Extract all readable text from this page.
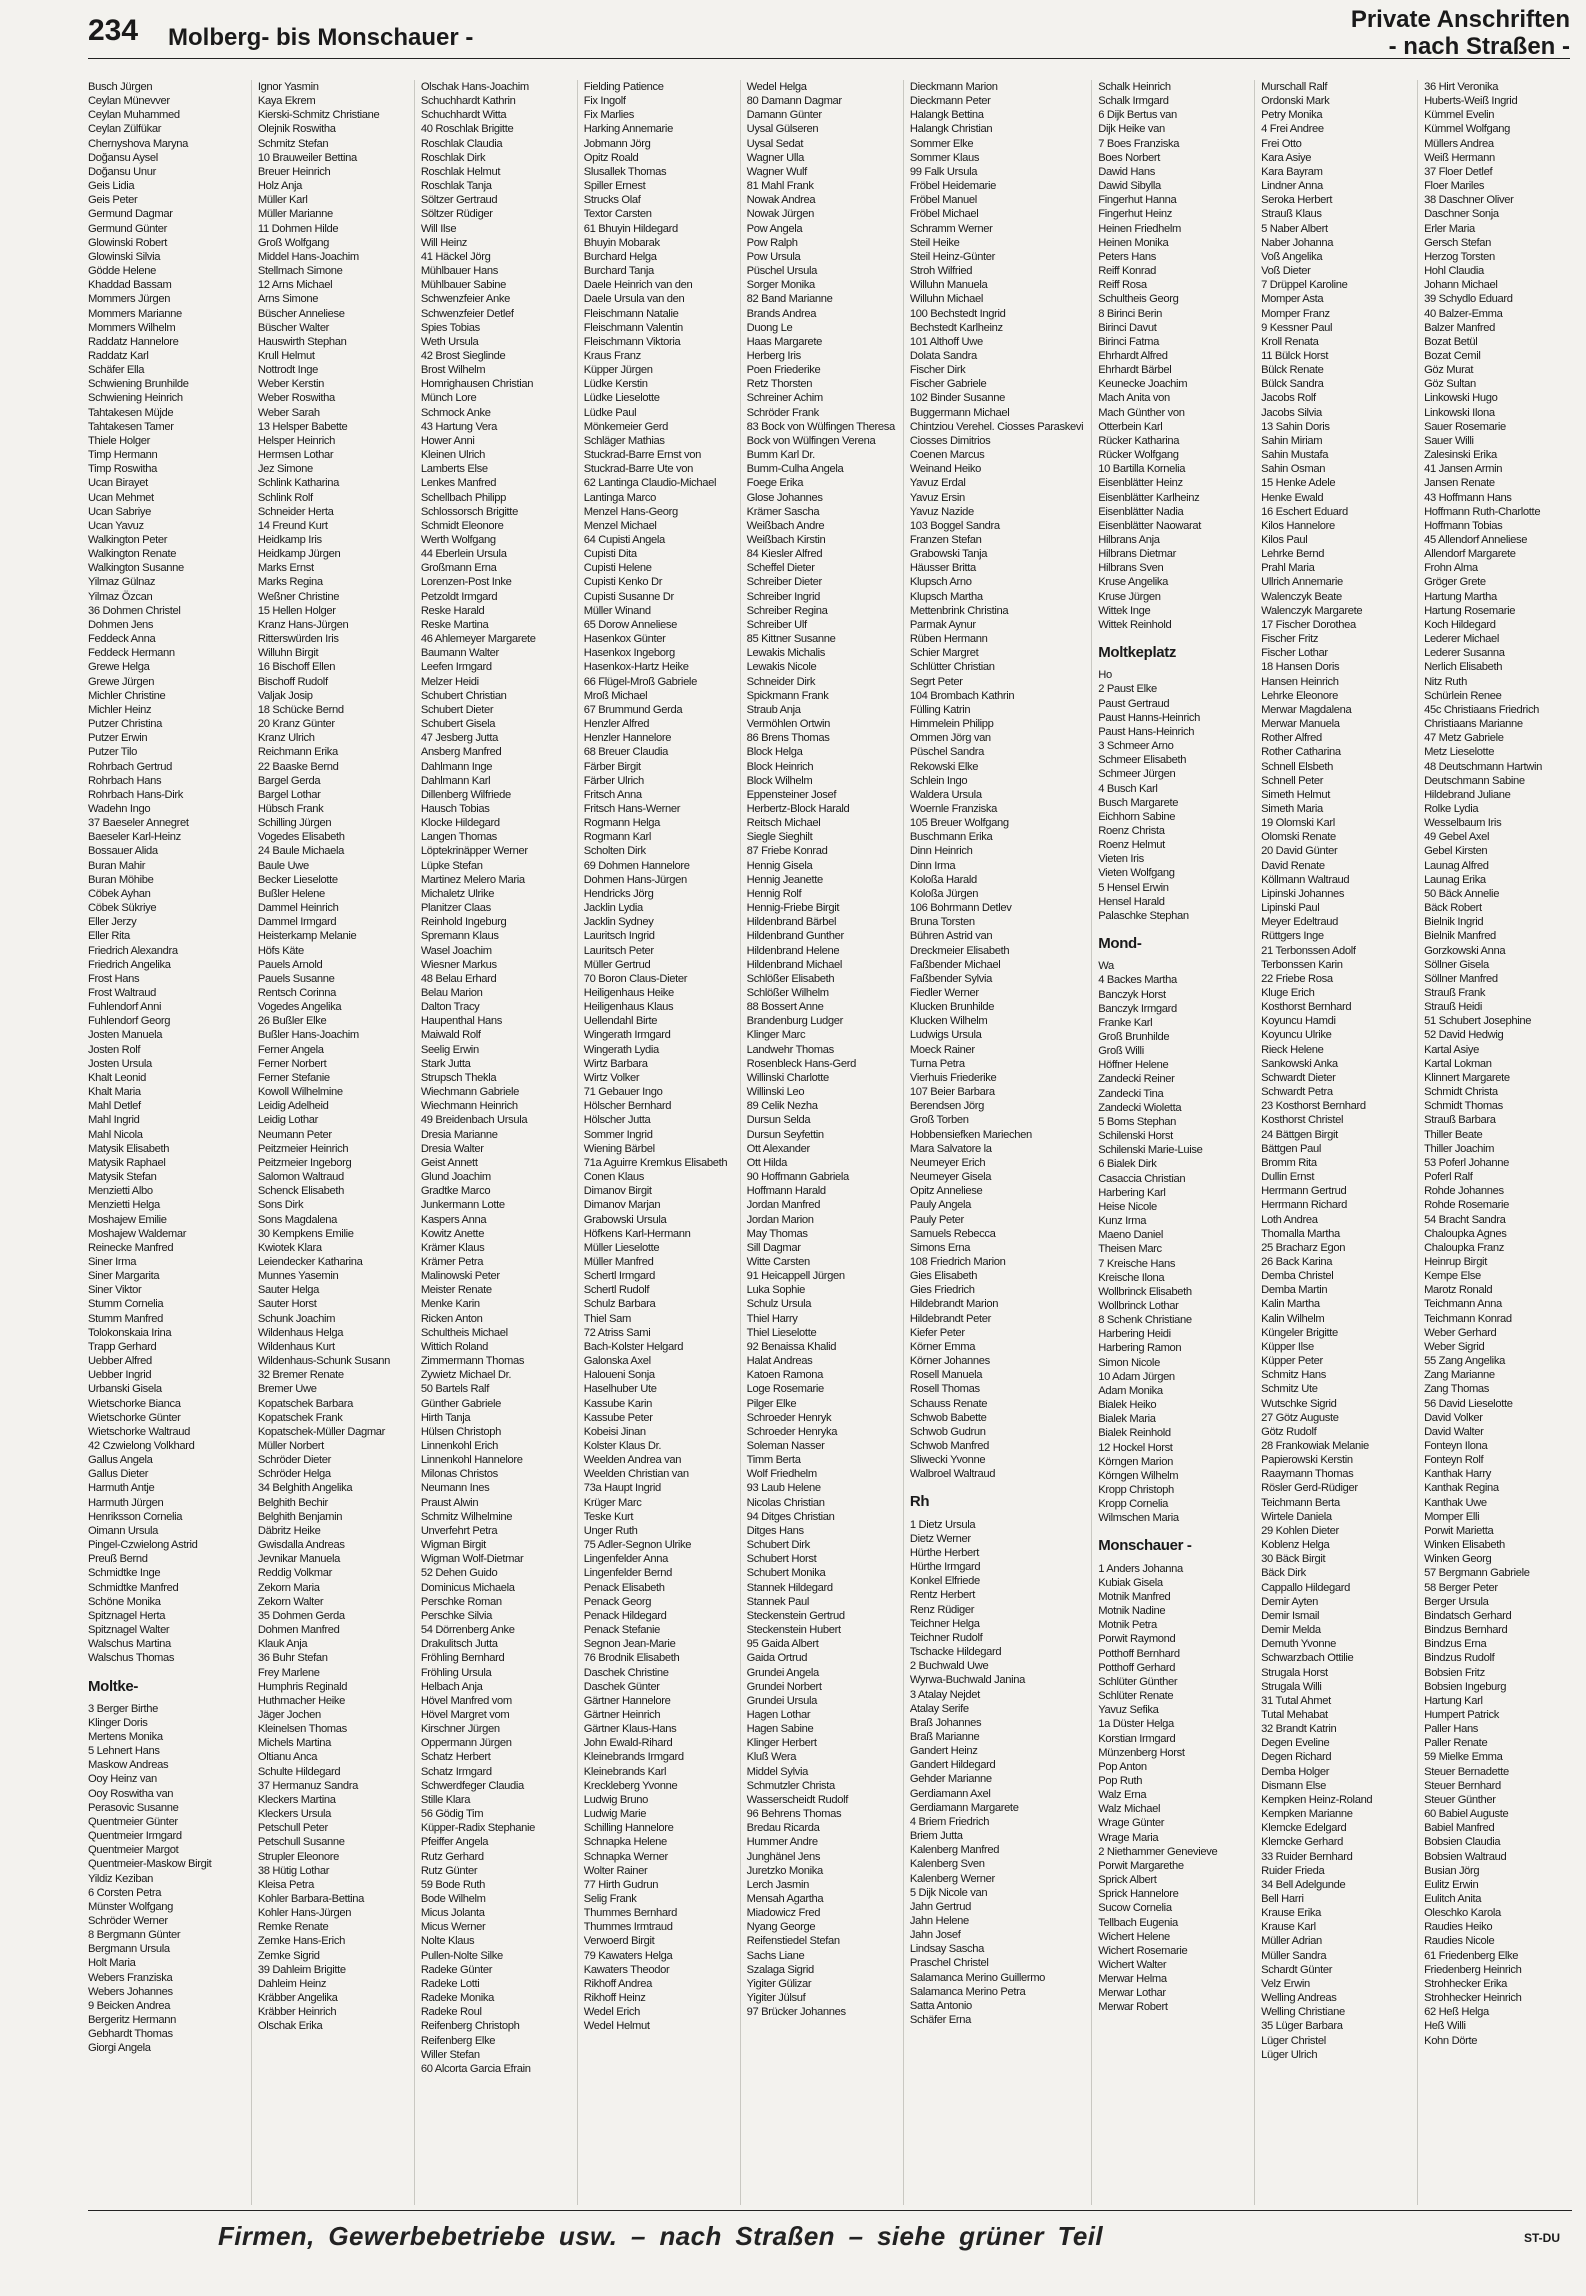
234 Molberg- bis Monschauer -
Private Anschriften
- nach Straßen -
Busch Jürgen
Ceylan Münevver
Ceylan Muhammed
Ceylan Zülfükar
Chernyshova Maryna
Doğansu Aysel
Doğansu Unur
Geis Lidia
Geis Peter
Germund Dagmar
Germund Günter
Glowinski Robert
Glowinski Silvia
Gödde Helene
Khaddad Bassam
Mommers Jürgen
Mommers Marianne
Mommers Wilhelm
Raddatz Hannelore
Raddatz Karl
Schäfer Ella
Schwiening Brunhilde
Schwiening Heinrich
Tahtakesen Müjde
Tahtakesen Tamer
Thiele Holger
Timp Hermann
Timp Roswitha
Ucan Birayet
Ucan Mehmet
Ucan Sabriye
Ucan Yavuz
Walkington Peter
Walkington Renate
Walkington Susanne
Yilmaz Gülnaz
Yilmaz Özcan
36 Dohmen Christel
Dohmen Jens
Feddeck Anna
Feddeck Hermann
Grewe Helga
Grewe Jürgen
Michler Christine
Michler Heinz
Putzer Christina
Putzer Erwin
Putzer Tilo
Rohrbach Gertrud
Rohrbach Hans
Rohrbach Hans-Dirk
Wadehn Ingo
37 Baeseler Annegret
Baeseler Karl-Heinz
Bossauer Alida
Buran Mahir
Buran Möhibe
Cöbek Ayhan
Cöbek Sükriye
Eller Jerzy
Eller Rita
Friedrich Alexandra
Friedrich Angelika
Frost Hans
Frost Waltraud
Fuhlendorf Anni
Fuhlendorf Georg
Josten Manuela
Josten Rolf
Josten Ursula
Khalt Leonid
Khalt Maria
Mahl Detlef
Mahl Ingrid
Mahl Nicola
Matysik Elisabeth
Matysik Raphael
Matysik Stefan
Menzietti Albo
Menzietti Helga
Moshajew Emilie
Moshajew Waldemar
Reinecke Manfred
Siner Irma
Siner Margarita
Siner Viktor
Stumm Cornelia
Stumm Manfred
Tolokonskaia Irina
Trapp Gerhard
Uebber Alfred
Uebber Ingrid
Urbanski Gisela
Wietschorke Bianca
Wietschorke Günter
Wietschorke Waltraud
42 Czwielong Volkhard
Gallus Angela
Gallus Dieter
Harmuth Antje
Harmuth Jürgen
Henriksson Cornelia
Oimann Ursula
Pingel-Czwielong Astrid
Preuß Bernd
Schmidtke Inge
Schmidtke Manfred
Schöne Monika
Spitznagel Herta
Spitznagel Walter
Walschus Martina
Walschus Thomas
Moltke-
3 Berger Birthe
Klinger Doris
Mertens Monika
5 Lehnert Hans
Maskow Andreas
Ooy Heinz van
Ooy Roswitha van
Perasovic Susanne
Quentmeier Günter
Quentmeier Irmgard
Quentmeier Margot
Quentmeier-Maskow Birgit
Yildiz Keziban
6 Corsten Petra
Münster Wolfgang
Schröder Werner
8 Bergmann Günter
Bergmann Ursula
Holt Maria
Webers Franziska
Webers Johannes
9 Beicken Andrea
Bergeritz Hermann
Gebhardt Thomas
Giorgi Angela
Ignor Yasmin
Kaya Ekrem
Kierski-Schmitz Christiane
Olejnik Roswitha
Schmitz Stefan
10 Brauweiler Bettina
Breuer Heinrich
Holz Anja
Müller Karl
Müller Marianne
11 Dohmen Hilde
Groß Wolfgang
Middel Hans-Joachim
Stellmach Simone
12 Arns Michael
Arns Simone
Büscher Anneliese
Büscher Walter
Hauswirth Stephan
Krull Helmut
Nottrodt Inge
Weber Kerstin
Weber Roswitha
Weber Sarah
13 Helsper Babette
Helsper Heinrich
Hermsen Lothar
Jez Simone
Schlink Katharina
Schlink Rolf
Schneider Herta
14 Freund Kurt
Heidkamp Iris
Heidkamp Jürgen
Marks Ernst
Marks Regina
Weßner Christine
15 Hellen Holger
Kranz Hans-Jürgen
Ritterswürden Iris
Willuhn Birgit
16 Bischoff Ellen
Bischoff Rudolf
Valjak Josip
18 Schücke Bernd
20 Kranz Günter
Kranz Ulrich
Reichmann Erika
22 Baaske Bernd
Bargel Gerda
Bargel Lothar
Hübsch Frank
Schilling Jürgen
Vogedes Elisabeth
24 Baule Michaela
Baule Uwe
Becker Lieselotte
Bußler Helene
Dammel Heinrich
Dammel Irmgard
Heisterkamp Melanie
Höfs Käte
Pauels Arnold
Pauels Susanne
Rentsch Corinna
Vogedes Angelika
26 Bußler Elke
Bußler Hans-Joachim
Ferner Angela
Ferner Norbert
Ferner Stefanie
Kowoll Wilhelmine
Leidig Adelheid
Leidig Lothar
Neumann Peter
Peitzmeier Heinrich
Peitzmeier Ingeborg
Salomon Waltraud
Schenck Elisabeth
Sons Dirk
Sons Magdalena
30 Kempkens Emilie
Kwiotek Klara
Leiendecker Katharina
Munnes Yasemin
Sauter Helga
Sauter Horst
Schunk Joachim
Wildenhaus Helga
Wildenhaus Kurt
Wildenhaus-Schunk Susann
32 Bremer Renate
Bremer Uwe
Kopatschek Barbara
Kopatschek Frank
Kopatschek-Müller Dagmar
Müller Norbert
Schröder Dieter
Schröder Helga
34 Belghith Angelika
Belghith Bechir
Belghith Benjamin
Däbritz Heike
Gwisdalla Andreas
Jevnikar Manuela
Reddig Volkmar
Zekorn Maria
Zekorn Walter
35 Dohmen Gerda
Dohmen Manfred
Klauk Anja
36 Buhr Stefan
Frey Marlene
Humphris Reginald
Huthmacher Heike
Jäger Jochen
Kleinelsen Thomas
Michels Martina
Oltianu Anca
Schulte Hildegard
37 Hermanuz Sandra
Kleckers Martina
Kleckers Ursula
Petschull Peter
Petschull Susanne
Strupler Eleonore
38 Hütig Lothar
Kleisa Petra
Kohler Barbara-Bettina
Kohler Hans-Jürgen
Remke Renate
Zemke Hans-Erich
Zemke Sigrid
39 Dahleim Brigitte
Dahleim Heinz
Kräbber Angelika
Kräbber Heinrich
Olschak Erika
Olschak Hans-Joachim
Schuchhardt Kathrin
Schuchhardt Witta
40 Roschlak Brigitte
Roschlak Claudia
Roschlak Dirk
Roschlak Helmut
Roschlak Tanja
Söltzer Gertraud
Söltzer Rüdiger
Will Ilse
Will Heinz
41 Häckel Jörg
Mühlbauer Hans
Mühlbauer Sabine
Schwenzfeier Anke
Schwenzfeier Detlef
Spies Tobias
Weth Ursula
42 Brost Sieglinde
Brost Wilhelm
Homrighausen Christian
Münch Lore
Schmock Anke
43 Hartung Vera
Hower Anni
Kleinen Ulrich
Lamberts Else
Lenkes Manfred
Schellbach Philipp
Schlossorsch Brigitte
Schmidt Eleonore
Werth Wolfgang
44 Eberlein Ursula
Großmann Erna
Lorenzen-Post Inke
Petzoldt Irmgard
Reske Harald
Reske Martina
46 Ahlemeyer Margarete
Baumann Walter
Leefen Irmgard
Melzer Heidi
Schubert Christian
Schubert Dieter
Schubert Gisela
47 Jesberg Jutta
Ansberg Manfred
Dahlmann Inge
Dahlmann Karl
Dillenberg Wilfriede
Hausch Tobias
Klocke Hildegard
Langen Thomas
Löptekrinäpper Werner
Lüpke Stefan
Martinez Melero Maria
Michaletz Ulrike
Planitzer Claas
Reinhold Ingeburg
Spremann Klaus
Wasel Joachim
Wiesner Markus
48 Belau Erhard
Belau Marion
Dalton Tracy
Haupenthal Hans
Maiwald Rolf
Seelig Erwin
Stark Jutta
Strupsch Thekla
Wiechmann Gabriele
Wiechmann Heinrich
49 Breidenbach Ursula
Dresia Marianne
Dresia Walter
Geist Annett
Glund Joachim
Gradtke Marco
Junkermann Lotte
Kaspers Anna
Kowitz Anette
Krämer Klaus
Krämer Petra
Malinowski Peter
Meister Renate
Menke Karin
Ricken Anton
Schultheis Michael
Wittich Roland
Zimmermann Thomas
Zywietz Michael Dr.
50 Bartels Ralf
Günther Gabriele
Hirth Tanja
Hülsen Christoph
Linnenkohl Erich
Linnenkohl Hannelore
Milonas Christos
Neumann Ines
Praust Alwin
Schmitz Wilhelmine
Unverfehrt Petra
Wigman Birgit
Wigman Wolf-Dietmar
52 Dehen Guido
Dominicus Michaela
Perschke Roman
Perschke Silvia
54 Dörrenberg Anke
Drakulitsch Jutta
Fröhling Bernhard
Fröhling Ursula
Helbach Anja
Hövel Manfred vom
Hövel Margret vom
Kirschner Jürgen
Oppermann Jürgen
Schatz Herbert
Schatz Irmgard
Schwerdfeger Claudia
Stille Klara
56 Gödig Tim
Küpper-Radix Stephanie
Pfeiffer Angela
Rutz Gerhard
Rutz Günter
59 Bode Ruth
Bode Wilhelm
Micus Jolanta
Micus Werner
Nolte Klaus
Pullen-Nolte Silke
Radeke Günter
Radeke Lotti
Radeke Monika
Radeke Roul
Reifenberg Christoph
Reifenberg Elke
Willer Stefan
60 Alcorta Garcia Efrain
Fielding Patience
Fix Ingolf
Fix Marlies
Harking Annemarie
Jobmann Jörg
Opitz Roald
Slusallek Thomas
Spiller Ernest
Strucks Olaf
Textor Carsten
61 Bhuyin Hildegard
Bhuyin Mobarak
Burchard Helga
Burchard Tanja
Daele Heinrich van den
Daele Ursula van den
Fleischmann Natalie
Fleischmann Valentin
Fleischmann Viktoria
Kraus Franz
Küpper Jürgen
Lüdke Kerstin
Lüdke Lieselotte
Lüdke Paul
Mönkemeier Gerd
Schläger Mathias
Stuckrad-Barre Ernst von
Stuckrad-Barre Ute von
62 Lantinga Claudio-Michael
Lantinga Marco
Menzel Hans-Georg
Menzel Michael
64 Cupisti Angela
Cupisti Dita
Cupisti Helene
Cupisti Kenko Dr
Cupisti Susanne Dr
Müller Winand
65 Dorow Anneliese
Hasenkox Günter
Hasenkox Ingeborg
Hasenkox-Hartz Heike
66 Flügel-Mroß Gabriele
Mroß Michael
67 Brummund Gerda
Henzler Alfred
Henzler Hannelore
68 Breuer Claudia
Färber Birgit
Färber Ulrich
Fritsch Anna
Fritsch Hans-Werner
Rogmann Helga
Rogmann Karl
Scholten Dirk
69 Dohmen Hannelore
Dohmen Hans-Jürgen
Hendricks Jörg
Jacklin Lydia
Jacklin Sydney
Lauritsch Ingrid
Lauritsch Peter
Müller Gertrud
70 Boron Claus-Dieter
Heiligenhaus Heike
Heiligenhaus Klaus
Uellendahl Birte
Wingerath Irmgard
Wingerath Lydia
Wirtz Barbara
Wirtz Volker
71 Gebauer Ingo
Hölscher Bernhard
Hölscher Jutta
Sommer Ingrid
Wiening Bärbel
71a Aguirre Kremkus Elisabeth
Conen Klaus
Dimanov Birgit
Dimanov Marjan
Grabowski Ursula
Höfkens Karl-Hermann
Müller Lieselotte
Müller Manfred
Schertl Irmgard
Schertl Rudolf
Schulz Barbara
Thiel Sam
72 Atriss Sami
Bach-Kolster Helgard
Galonska Axel
Haloueni Sonja
Haselhuber Ute
Kassube Karin
Kassube Peter
Kobeisi Jinan
Kolster Klaus Dr.
Weelden Andrea van
Weelden Christian van
73a Haupt Ingrid
Krüger Marc
Teske Kurt
Unger Ruth
75 Adler-Segnon Ulrike
Lingenfelder Anna
Lingenfelder Bernd
Penack Elisabeth
Penack Georg
Penack Hildegard
Penack Stefanie
Segnon Jean-Marie
76 Brodnik Elisabeth
Daschek Christine
Daschek Günter
Gärtner Hannelore
Gärtner Heinrich
Gärtner Klaus-Hans
John Ewald-Rihard
Kleinebrands Irmgard
Kleinebrands Karl
Kreckleberg Yvonne
Ludwig Bruno
Ludwig Marie
Schilling Hannelore
Schnapka Helene
Schnapka Werner
Wolter Rainer
77 Hirth Gudrun
Selig Frank
Thummes Bernhard
Thummes Irmtraud
Verwoerd Birgit
79 Kawaters Helga
Kawaters Theodor
Rikhoff Andrea
Rikhoff Heinz
Wedel Erich
Wedel Helmut
Wedel Helga
80 Damann Dagmar
Damann Günter
Uysal Gülseren
Uysal Sedat
Wagner Ulla
Wagner Wulf
81 Mahl Frank
Nowak Andrea
Nowak Jürgen
Pow Angela
Pow Ralph
Pow Ursula
Püschel Ursula
Sorger Monika
82 Band Marianne
Brands Andrea
Duong Le
Haas Margarete
Herberg Iris
Poen Friederike
Retz Thorsten
Schreiner Achim
Schröder Frank
83 Bock von Wülfingen Theresa
Bock von Wülfingen Verena
Bumm Karl Dr.
Bumm-Culha Angela
Foege Erika
Glose Johannes
Krämer Sascha
Weißbach Andre
Weißbach Kirstin
84 Kiesler Alfred
Scheffel Dieter
Schreiber Dieter
Schreiber Ingrid
Schreiber Regina
Schreiber Ulf
85 Kittner Susanne
Lewakis Michalis
Lewakis Nicole
Schneider Dirk
Spickmann Frank
Straub Anja
Vermöhlen Ortwin
86 Brens Thomas
Block Helga
Block Heinrich
Block Wilhelm
Eppensteiner Josef
Herbertz-Block Harald
Reitsch Michael
Siegle Sieghilt
87 Friebe Konrad
Hennig Gisela
Hennig Jeanette
Hennig Rolf
Hennig-Friebe Birgit
Hildenbrand Bärbel
Hildenbrand Gunther
Hildenbrand Helene
Hildenbrand Michael
Schlößer Elisabeth
Schlößer Wilhelm
88 Bossert Anne
Brandenburg Ludger
Klinger Marc
Landwehr Thomas
Rosenbleck Hans-Gerd
Willinski Charlotte
Willinski Leo
89 Celik Nezha
Dursun Selda
Dursun Seyfettin
Ott Alexander
Ott Hilda
90 Hoffmann Gabriela
Hoffmann Harald
Jordan Manfred
Jordan Marion
May Thomas
Sill Dagmar
Witte Carsten
91 Heicappell Jürgen
Luka Sophie
Schulz Ursula
Thiel Harry
Thiel Lieselotte
92 Benaissa Khalid
Halat Andreas
Katoen Ramona
Loge Rosemarie
Pilger Elke
Schroeder Henryk
Schroeder Henryka
Soleman Nasser
Timm Berta
Wolf Friedhelm
93 Laub Helene
Nicolas Christian
94 Ditges Christian
Ditges Hans
Schubert Dirk
Schubert Horst
Schubert Monika
Stannek Hildegard
Stannek Paul
Steckenstein Gertrud
Steckenstein Hubert
95 Gaida Albert
Gaida Ortrud
Grundei Angela
Grundei Norbert
Grundei Ursula
Hagen Lothar
Hagen Sabine
Klinger Herbert
Kluß Wera
Middel Sylvia
Schmutzler Christa
Wasserscheidt Rudolf
96 Behrens Thomas
Bredau Ricarda
Hummer Andre
Junghänel Jens
Juretzko Monika
Lerch Jasmin
Mensah Agartha
Miadowicz Fred
Nyang George
Reifenstiedel Stefan
Sachs Liane
Szalaga Sigrid
Yigiter Gülizar
Yigiter Jülsuf
97 Brücker Johannes
Dieckmann Marion
Dieckmann Peter
Halangk Bettina
Halangk Christian
Sommer Elke
Sommer Klaus
99 Falk Ursula
Fröbel Heidemarie
Fröbel Manuel
Fröbel Michael
Schramm Werner
Steil Heike
Steil Heinz-Günter
Stroh Wilfried
Willuhn Manuela
Willuhn Michael
100 Bechstedt Ingrid
Bechstedt Karlheinz
101 Althoff Uwe
Dolata Sandra
Fischer Dirk
Fischer Gabriele
102 Binder Susanne
Buggermann Michael
Chintziou Verehel. Ciosses Paraskevi
Ciosses Dimitrios
Coenen Marcus
Weinand Heiko
Yavuz Erdal
Yavuz Ersin
Yavuz Nazide
103 Boggel Sandra
Franzen Stefan
Grabowski Tanja
Häusser Britta
Klupsch Arno
Klupsch Martha
Mettenbrink Christina
Parmak Aynur
Rüben Hermann
Schier Margret
Schlütter Christian
Segrt Peter
104 Brombach Kathrin
Fülling Katrin
Himmelein Philipp
Ommen Jörg van
Püschel Sandra
Rekowski Elke
Schlein Ingo
Waldera Ursula
Woernle Franziska
105 Breuer Wolfgang
Buschmann Erika
Dinn Heinrich
Dinn Irma
Koloßa Harald
Koloßa Jürgen
106 Bohrmann Detlev
Bruna Torsten
Bühren Astrid van
Dreckmeier Elisabeth
Faßbender Michael
Faßbender Sylvia
Fiedler Werner
Klucken Brunhilde
Klucken Wilhelm
Ludwigs Ursula
Moeck Rainer
Turna Petra
Vierhuis Friederike
107 Beier Barbara
Berendsen Jörg
Groß Torben
Hobbensiefken Mariechen
Mara Salvatore la
Neumeyer Erich
Neumeyer Gisela
Opitz Anneliese
Pauly Angela
Pauly Peter
Samuels Rebecca
Simons Erna
108 Friedrich Marion
Gies Elisabeth
Gies Friedrich
Hildebrandt Marion
Hildebrandt Peter
Kiefer Peter
Körner Emma
Körner Johannes
Rosell Manuela
Rosell Thomas
Schauss Renate
Schwob Babette
Schwob Gudrun
Schwob Manfred
Sliwecki Yvonne
Walbroel Waltraud
Rh
1 Dietz Ursula
Dietz Werner
Hürthe Herbert
Hürthe Irmgard
Konkel Elfriede
Rentz Herbert
Renz Rüdiger
Teichner Helga
Teichner Rudolf
Tschacke Hildegard
2 Buchwald Uwe
Wyrwa-Buchwald Janina
3 Atalay Nejdet
Atalay Serife
Braß Johannes
Braß Marianne
Gandert Heinz
Gandert Hildegard
Gehder Marianne
Gerdiamann Axel
Gerdiamann Margarete
4 Briem Friedrich
Briem Jutta
Kalenberg Manfred
Kalenberg Sven
Kalenberg Werner
5 Dijk Nicole van
Jahn Gertrud
Jahn Helene
Jahn Josef
Lindsay Sascha
Praschel Christel
Salamanca Merino Guillermo
Salamanca Merino Petra
Satta Antonio
Schäfer Erna
Schalk Heinrich
Schalk Irmgard
6 Dijk Bertus van
Dijk Heike van
7 Boes Franziska
Boes Norbert
Dawid Hans
Dawid Sibylla
Fingerhut Hanna
Fingerhut Heinz
Heinen Friedhelm
Heinen Monika
Peters Hans
Reiff Konrad
Reiff Rosa
Schultheis Georg
8 Birinci Berin
Birinci Davut
Birinci Fatma
Ehrhardt Alfred
Ehrhardt Bärbel
Keunecke Joachim
Mach Anita von
Mach Günther von
Otterbein Karl
Rücker Katharina
Rücker Wolfgang
10 Bartilla Kornelia
Eisenblätter Heinz
Eisenblätter Karlheinz
Eisenblätter Nadia
Eisenblätter Naowarat
Hilbrans Anja
Hilbrans Dietmar
Hilbrans Sven
Kruse Angelika
Kruse Jürgen
Wittek Inge
Wittek Reinhold
Moltkeplatz
Ho
2 Paust Elke
Paust Gertraud
Paust Hanns-Heinrich
Paust Hans-Heinrich
3 Schmeer Arno
Schmeer Elisabeth
Schmeer Jürgen
4 Busch Karl
Busch Margarete
Eichhorn Sabine
Roenz Christa
Roenz Helmut
Vieten Iris
Vieten Wolfgang
5 Hensel Erwin
Hensel Harald
Palaschke Stephan
Mond-
Wa
4 Backes Martha
Banczyk Horst
Banczyk Irmgard
Franke Karl
Groß Brunhilde
Groß Willi
Höffner Helene
Zandecki Reiner
Zandecki Tina
Zandecki Wioletta
5 Boms Stephan
Schilenski Horst
Schilenski Marie-Luise
6 Bialek Dirk
Casaccia Christian
Harbering Karl
Heise Nicole
Kunz Irma
Maeno Daniel
Theisen Marc
7 Kreische Hans
Kreische Ilona
Wollbrinck Elisabeth
Wollbrinck Lothar
8 Schenk Christiane
Harbering Heidi
Harbering Ramon
Simon Nicole
10 Adam Jürgen
Adam Monika
Bialek Heiko
Bialek Maria
Bialek Reinhold
12 Hockel Horst
Körngen Marion
Körngen Wilhelm
Kropp Christoph
Kropp Cornelia
Wilmschen Maria
Monschauer -
1 Anders Johanna
Kubiak Gisela
Motnik Manfred
Motnik Nadine
Motnik Petra
Porwit Raymond
Potthoff Bernhard
Potthoff Gerhard
Schlüter Günther
Schlüter Renate
Yavuz Sefika
1a Düster Helga
Korstian Irmgard
Münzenberg Horst
Pop Anton
Pop Ruth
Walz Erna
Walz Michael
Wrage Günter
Wrage Maria
2 Niethammer Genevieve
Porwit Margarethe
Sprick Albert
Sprick Hannelore
Sucow Cornelia
Tellbach Eugenia
Wichert Helene
Wichert Rosemarie
Wichert Walter
Merwar Helma
Merwar Lothar
Merwar Robert
Murschall Ralf
Ordonski Mark
Petry Monika
4 Frei Andree
Frei Otto
Kara Asiye
Kara Bayram
Lindner Anna
Seroka Herbert
Strauß Klaus
5 Naber Albert
Naber Johanna
Voß Angelika
Voß Dieter
7 Drüppel Karoline
Momper Asta
Momper Franz
9 Kessner Paul
Kroll Renata
11 Bülck Horst
Bülck Renate
Bülck Sandra
Jacobs Rolf
Jacobs Silvia
13 Sahin Doris
Sahin Miriam
Sahin Mustafa
Sahin Osman
15 Henke Adele
Henke Ewald
16 Eschert Eduard
Kilos Hannelore
Kilos Paul
Lehrke Bernd
Prahl Maria
Ullrich Annemarie
Walenczyk Beate
Walenczyk Margarete
17 Fischer Dorothea
Fischer Fritz
Fischer Lothar
18 Hansen Doris
Hansen Heinrich
Lehrke Eleonore
Merwar Magdalena
Merwar Manuela
Rother Alfred
Rother Catharina
Schnell Elsbeth
Schnell Peter
Simeth Helmut
Simeth Maria
19 Olomski Karl
Olomski Renate
20 David Günter
David Renate
Köllmann Waltraud
Lipinski Johannes
Lipinski Paul
Meyer Edeltraud
Rüttgers Inge
21 Terbonssen Adolf
Terbonssen Karin
22 Friebe Rosa
Kluge Erich
Kosthorst Bernhard
Koyuncu Hamdi
Koyuncu Ulrike
Rieck Helene
Sankowski Anka
Schwardt Dieter
Schwardt Petra
23 Kosthorst Bernhard
Kosthorst Christel
24 Bättgen Birgit
Bättgen Paul
Bromm Rita
Dullin Ernst
Herrmann Gertrud
Herrmann Richard
Loth Andrea
Thomalla Martha
25 Bracharz Egon
26 Back Karina
Demba Christel
Demba Martin
Kalin Martha
Kalin Wilhelm
Küngeler Brigitte
Küpper Ilse
Küpper Peter
Schmitz Hans
Schmitz Ute
Wutschke Sigrid
27 Götz Auguste
Götz Rudolf
28 Frankowiak Melanie
Papierowski Kerstin
Raaymann Thomas
Rösler Gerd-Rüdiger
Teichmann Berta
Wirtele Daniela
29 Kohlen Dieter
Koblenz Helga
30 Bäck Birgit
Bäck Dirk
Cappallo Hildegard
Demir Ayten
Demir Ismail
Demir Melda
Demuth Yvonne
Schwarzbach Ottilie
Strugala Horst
Strugala Willi
31 Tutal Ahmet
Tutal Mehabat
32 Brandt Katrin
Degen Eveline
Degen Richard
Demba Holger
Dismann Else
Kempken Heinz-Roland
Kempken Marianne
Klemcke Edelgard
Klemcke Gerhard
33 Ruider Bernhard
Ruider Frieda
34 Bell Adelgunde
Bell Harri
Krause Erika
Krause Karl
Müller Adrian
Müller Sandra
Schardt Günter
Velz Erwin
Welling Andreas
Welling Christiane
35 Lüger Barbara
Lüger Christel
Lüger Ulrich
36 Hirt Veronika
Huberts-Weiß Ingrid
Kümmel Evelin
Kümmel Wolfgang
Müllers Andrea
Weiß Hermann
37 Floer Detlef
Floer Mariles
38 Daschner Oliver
Daschner Sonja
Erler Maria
Gersch Stefan
Herzog Torsten
Hohl Claudia
Johann Michael
39 Schydlo Eduard
40 Balzer-Emma
Balzer Manfred
Bozat Betül
Bozat Cemil
Göz Murat
Göz Sultan
Linkowski Hugo
Linkowski Ilona
Sauer Rosemarie
Sauer Willi
Zalesinski Erika
41 Jansen Armin
Jansen Renate
43 Hoffmann Hans
Hoffmann Ruth-Charlotte
Hoffmann Tobias
45 Allendorf Anneliese
Allendorf Margarete
Frohn Alma
Gröger Grete
Hartung Martha
Hartung Rosemarie
Koch Hildegard
Lederer Michael
Lederer Susanna
Nerlich Elisabeth
Nitz Ruth
Schürlein Renee
45c Christiaans Friedrich
Christiaans Marianne
47 Metz Gabriele
Metz Lieselotte
48 Deutschmann Hartwin
Deutschmann Sabine
Hildebrand Juliane
Rolke Lydia
Wesselbaum Iris
49 Gebel Axel
Gebel Kirsten
Launag Alfred
Launag Erika
50 Bäck Annelie
Bäck Robert
Bielnik Ingrid
Bielnik Manfred
Gorzkowski Anna
Söllner Gisela
Söllner Manfred
Strauß Frank
Strauß Heidi
51 Schubert Josephine
52 David Hedwig
Kartal Asiye
Kartal Lokman
Klinnert Margarete
Schmidt Christa
Schmidt Thomas
Strauß Barbara
Thiller Beate
Thiller Joachim
53 Poferl Johanne
Poferl Ralf
Rohde Johannes
Rohde Rosemarie
54 Bracht Sandra
Chaloupka Agnes
Chaloupka Franz
Heinrup Birgit
Kempe Else
Marotz Ronald
Teichmann Anna
Teichmann Konrad
Weber Gerhard
Weber Sigrid
55 Zang Angelika
Zang Marianne
Zang Thomas
56 David Lieselotte
David Volker
David Walter
Fonteyn Ilona
Fonteyn Rolf
Kanthak Harry
Kanthak Regina
Kanthak Uwe
Momper Elli
Porwit Marietta
Winken Elisabeth
Winken Georg
57 Bergmann Gabriele
58 Berger Peter
Berger Ursula
Bindatsch Gerhard
Bindzus Bernhard
Bindzus Erna
Bindzus Rudolf
Bobsien Fritz
Bobsien Ingeburg
Hartung Karl
Humpert Patrick
Paller Hans
Paller Renate
59 Mielke Emma
Steuer Bernadette
Steuer Bernhard
Steuer Günther
60 Babiel Auguste
Babiel Manfred
Bobsien Claudia
Bobsien Waltraud
Busian Jörg
Eulitz Erwin
Eulitch Anita
Oleschko Karola
Raudies Heiko
Raudies Nicole
61 Friedenberg Elke
Friedenberg Heinrich
Strohhecker Erika
Strohhecker Heinrich
62 Heß Helga
Heß Willi
Kohn Dörte
Firmen, Gewerbebetriebe usw. – nach Straßen – siehe grüner Teil	ST-DU
